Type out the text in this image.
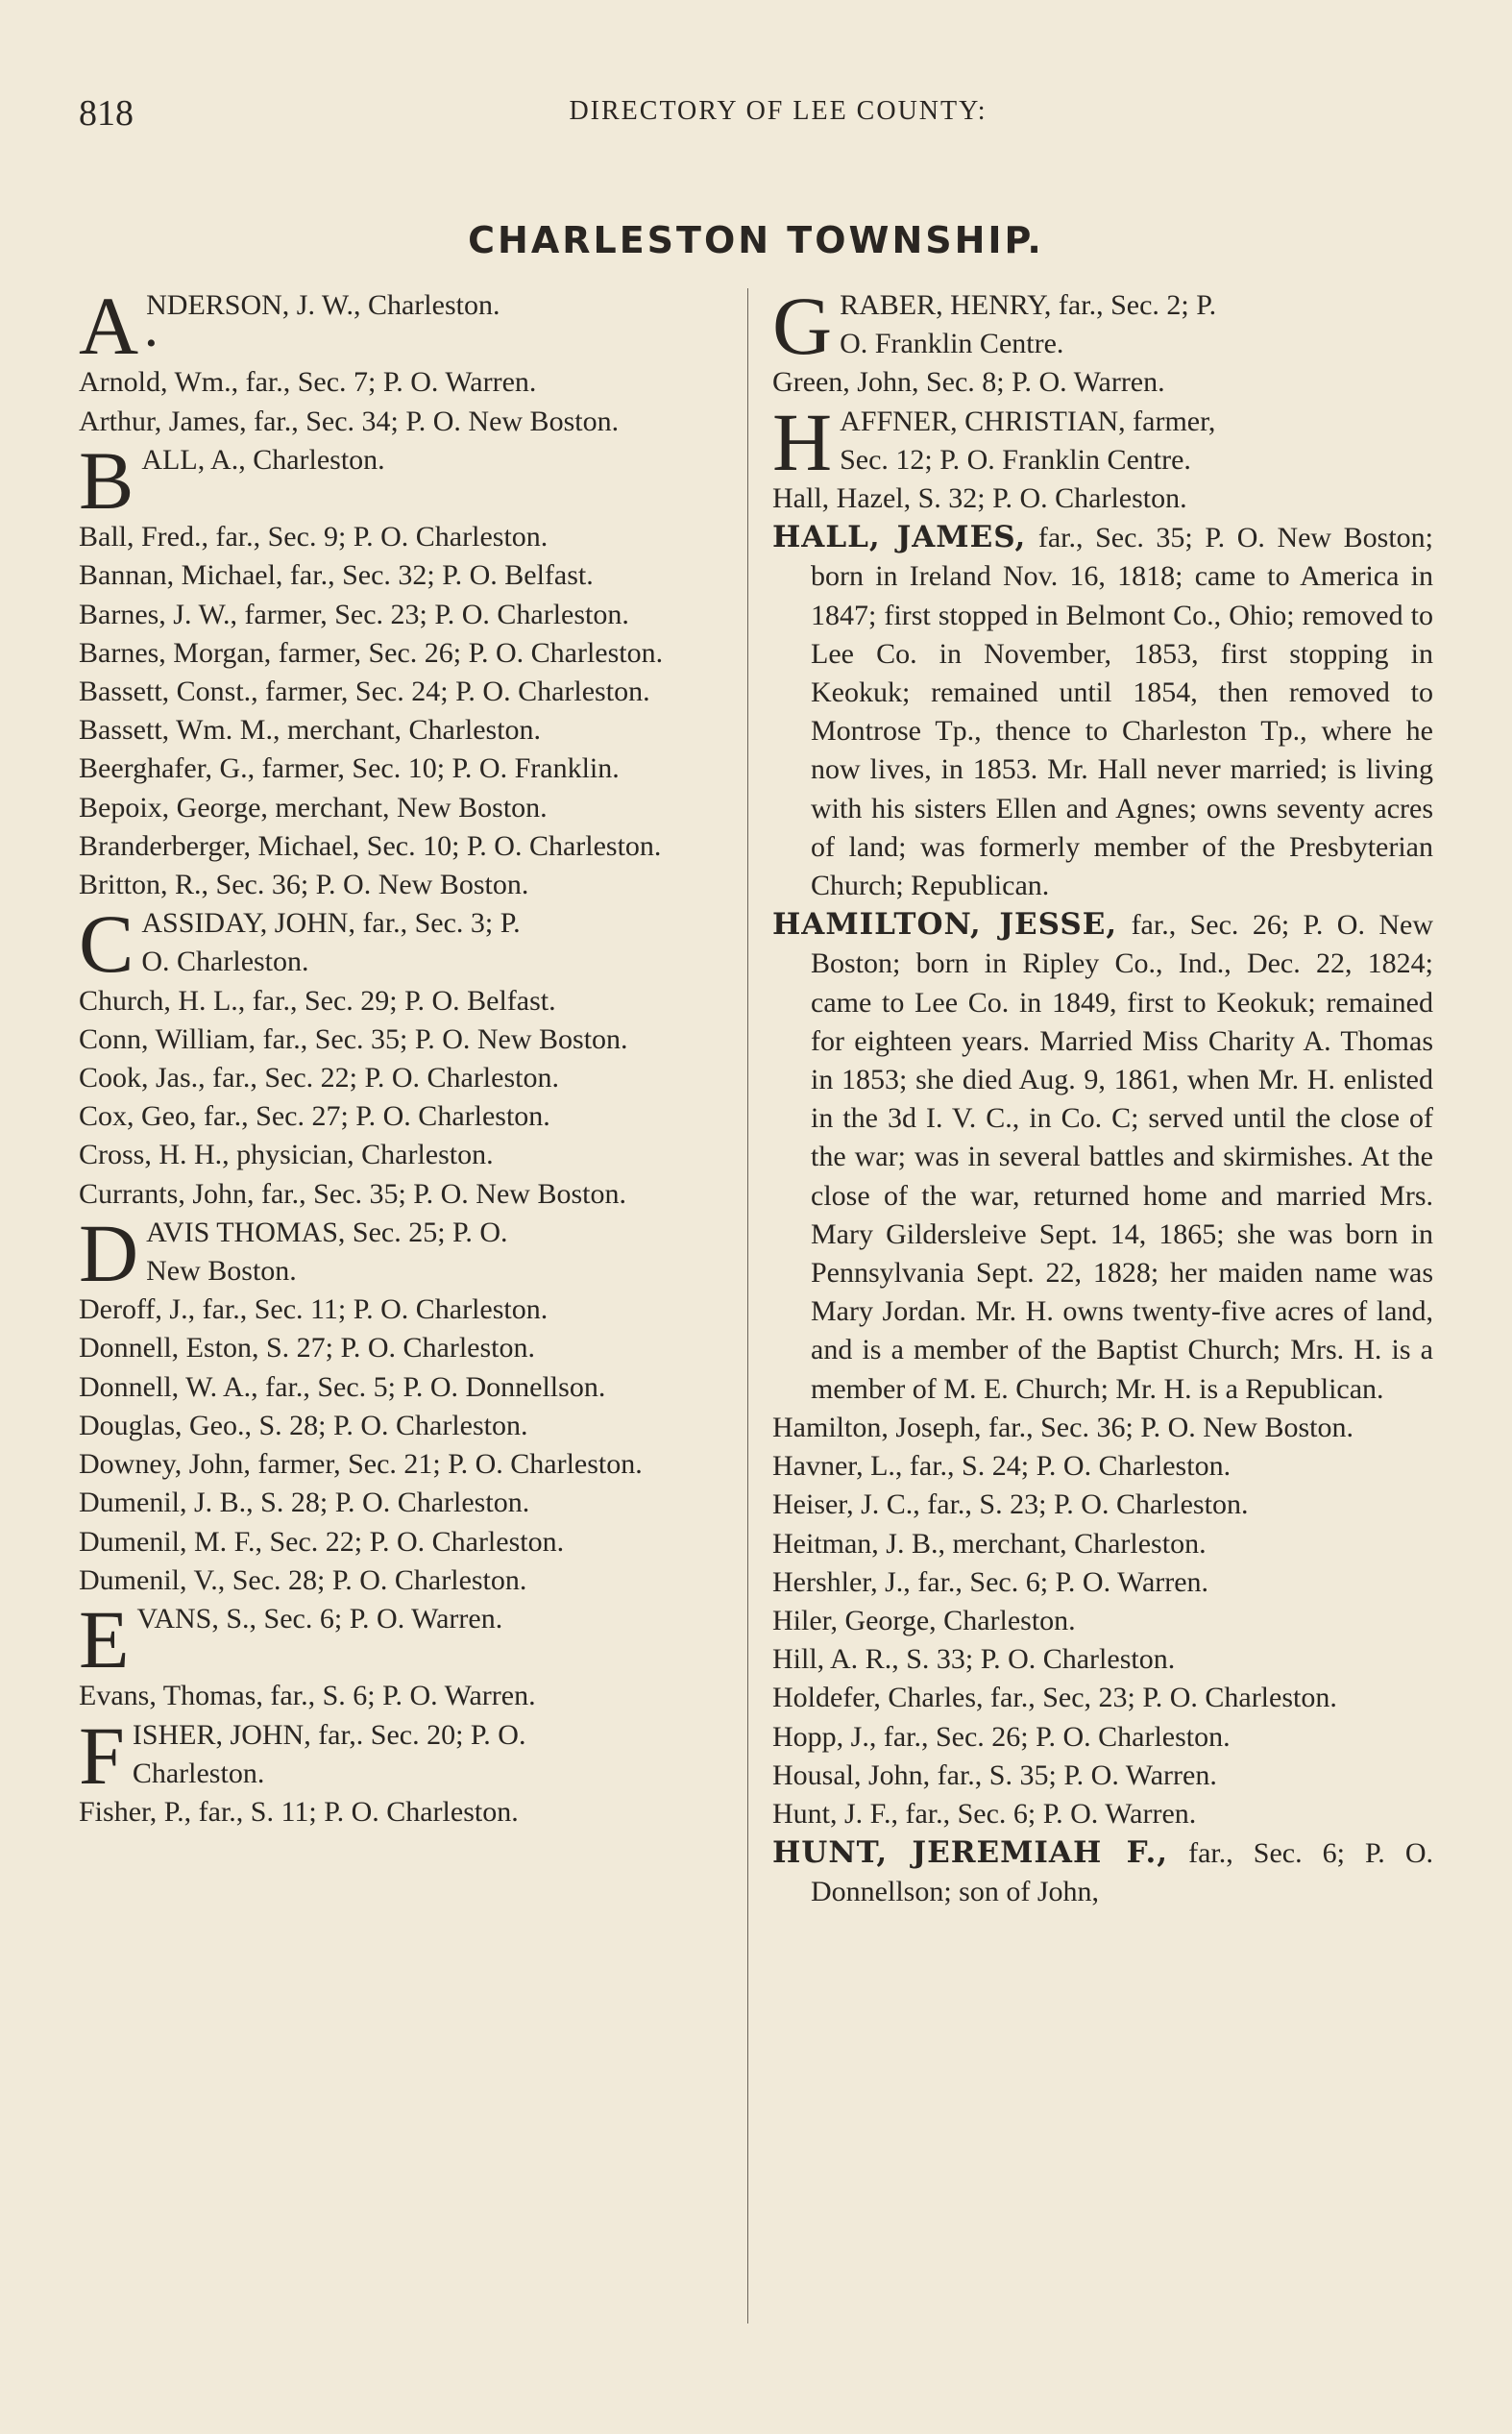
818	DIRECTORY OF LEE COUNTY:
CHARLESTON TOWNSHIP.
ANDERSON, J. W., Charleston.
•
Arnold, Wm., far., Sec. 7; P. O. Warren.
Arthur, James, far., Sec. 34; P. O. New Boston.
BALL, A., Charleston.

Ball, Fred., far., Sec. 9; P. O. Charleston.
Bannan, Michael, far., Sec. 32; P. O. Belfast.
Barnes, J. W., farmer, Sec. 23; P. O. Charleston.
Barnes, Morgan, farmer, Sec. 26; P. O. Charleston.
Bassett, Const., farmer, Sec. 24; P. O. Charleston.
Bassett, Wm. M., merchant, Charleston.
Beerghafer, G., farmer, Sec. 10; P. O. Franklin.
Bepoix, George, merchant, New Boston.
Branderberger, Michael, Sec. 10; P. O. Charleston.
Britton, R., Sec. 36; P. O. New Boston.
CASSIDAY, JOHN, far., Sec. 3; P.
O. Charleston.
Church, H. L., far., Sec. 29; P. O. Belfast.
Conn, William, far., Sec. 35; P. O. New Boston.
Cook, Jas., far., Sec. 22; P. O. Charleston.
Cox, Geo, far., Sec. 27; P. O. Charleston.
Cross, H. H., physician, Charleston.
Currants, John, far., Sec. 35; P. O. New Boston.
DAVIS THOMAS, Sec. 25; P. O.
New Boston.
Deroff, J., far., Sec. 11; P. O. Charleston.
Donnell, Eston, S. 27; P. O. Charleston.
Donnell, W. A., far., Sec. 5; P. O. Donnellson.
Douglas, Geo., S. 28; P. O. Charleston.
Downey, John, farmer, Sec. 21; P. O. Charleston.
Dumenil, J. B., S. 28; P. O. Charleston.
Dumenil, M. F., Sec. 22; P. O. Charleston.
Dumenil, V., Sec. 28; P. O. Charleston.
EVANS, S., Sec. 6; P. O. Warren.

Evans, Thomas, far., S. 6; P. O. Warren.
FISHER, JOHN, far,. Sec. 20; P. O.
Charleston.
Fisher, P., far., S. 11; P. O. Charleston.
GRABER, HENRY, far., Sec. 2; P.
O. Franklin Centre.
Green, John, Sec. 8; P. O. Warren.
HAFFNER, CHRISTIAN, farmer,
Sec. 12; P. O. Franklin Centre.
Hall, Hazel, S. 32; P. O. Charleston.
HALL, JAMES, far., Sec. 35; P. O. New Boston; born in Ireland Nov. 16, 1818; came to America in 1847; first stopped in Belmont Co., Ohio; removed to Lee Co. in November, 1853, first stopping in Keokuk; remained until 1854, then removed to Montrose Tp., thence to Charleston Tp., where he now lives, in 1853. Mr. Hall never married; is living with his sisters Ellen and Agnes; owns seventy acres of land; was formerly member of the Presbyterian Church; Republican.
HAMILTON, JESSE, far., Sec. 26; P. O. New Boston; born in Ripley Co., Ind., Dec. 22, 1824; came to Lee Co. in 1849, first to Keokuk; remained for eighteen years. Married Miss Charity A. Thomas in 1853; she died Aug. 9, 1861, when Mr. H. enlisted in the 3d I. V. C., in Co. C; served until the close of the war; was in several battles and skirmishes. At the close of the war, returned home and married Mrs. Mary Gildersleive Sept. 14, 1865; she was born in Pennsylvania Sept. 22, 1828; her maiden name was Mary Jordan. Mr. H. owns twenty-five acres of land, and is a member of the Baptist Church; Mrs. H. is a member of M. E. Church; Mr. H. is a Republican.
Hamilton, Joseph, far., Sec. 36; P. O. New Boston.
Havner, L., far., S. 24; P. O. Charleston.
Heiser, J. C., far., S. 23; P. O. Charleston.
Heitman, J. B., merchant, Charleston.
Hershler, J., far., Sec. 6; P. O. Warren.
Hiler, George, Charleston.
Hill, A. R., S. 33; P. O. Charleston.
Holdefer, Charles, far., Sec, 23; P. O. Charleston.
Hopp, J., far., Sec. 26; P. O. Charleston.
Housal, John, far., S. 35; P. O. Warren.
Hunt, J. F., far., Sec. 6; P. O. Warren.
HUNT, JEREMIAH F., far., Sec. 6; P. O. Donnellson; son of John,
